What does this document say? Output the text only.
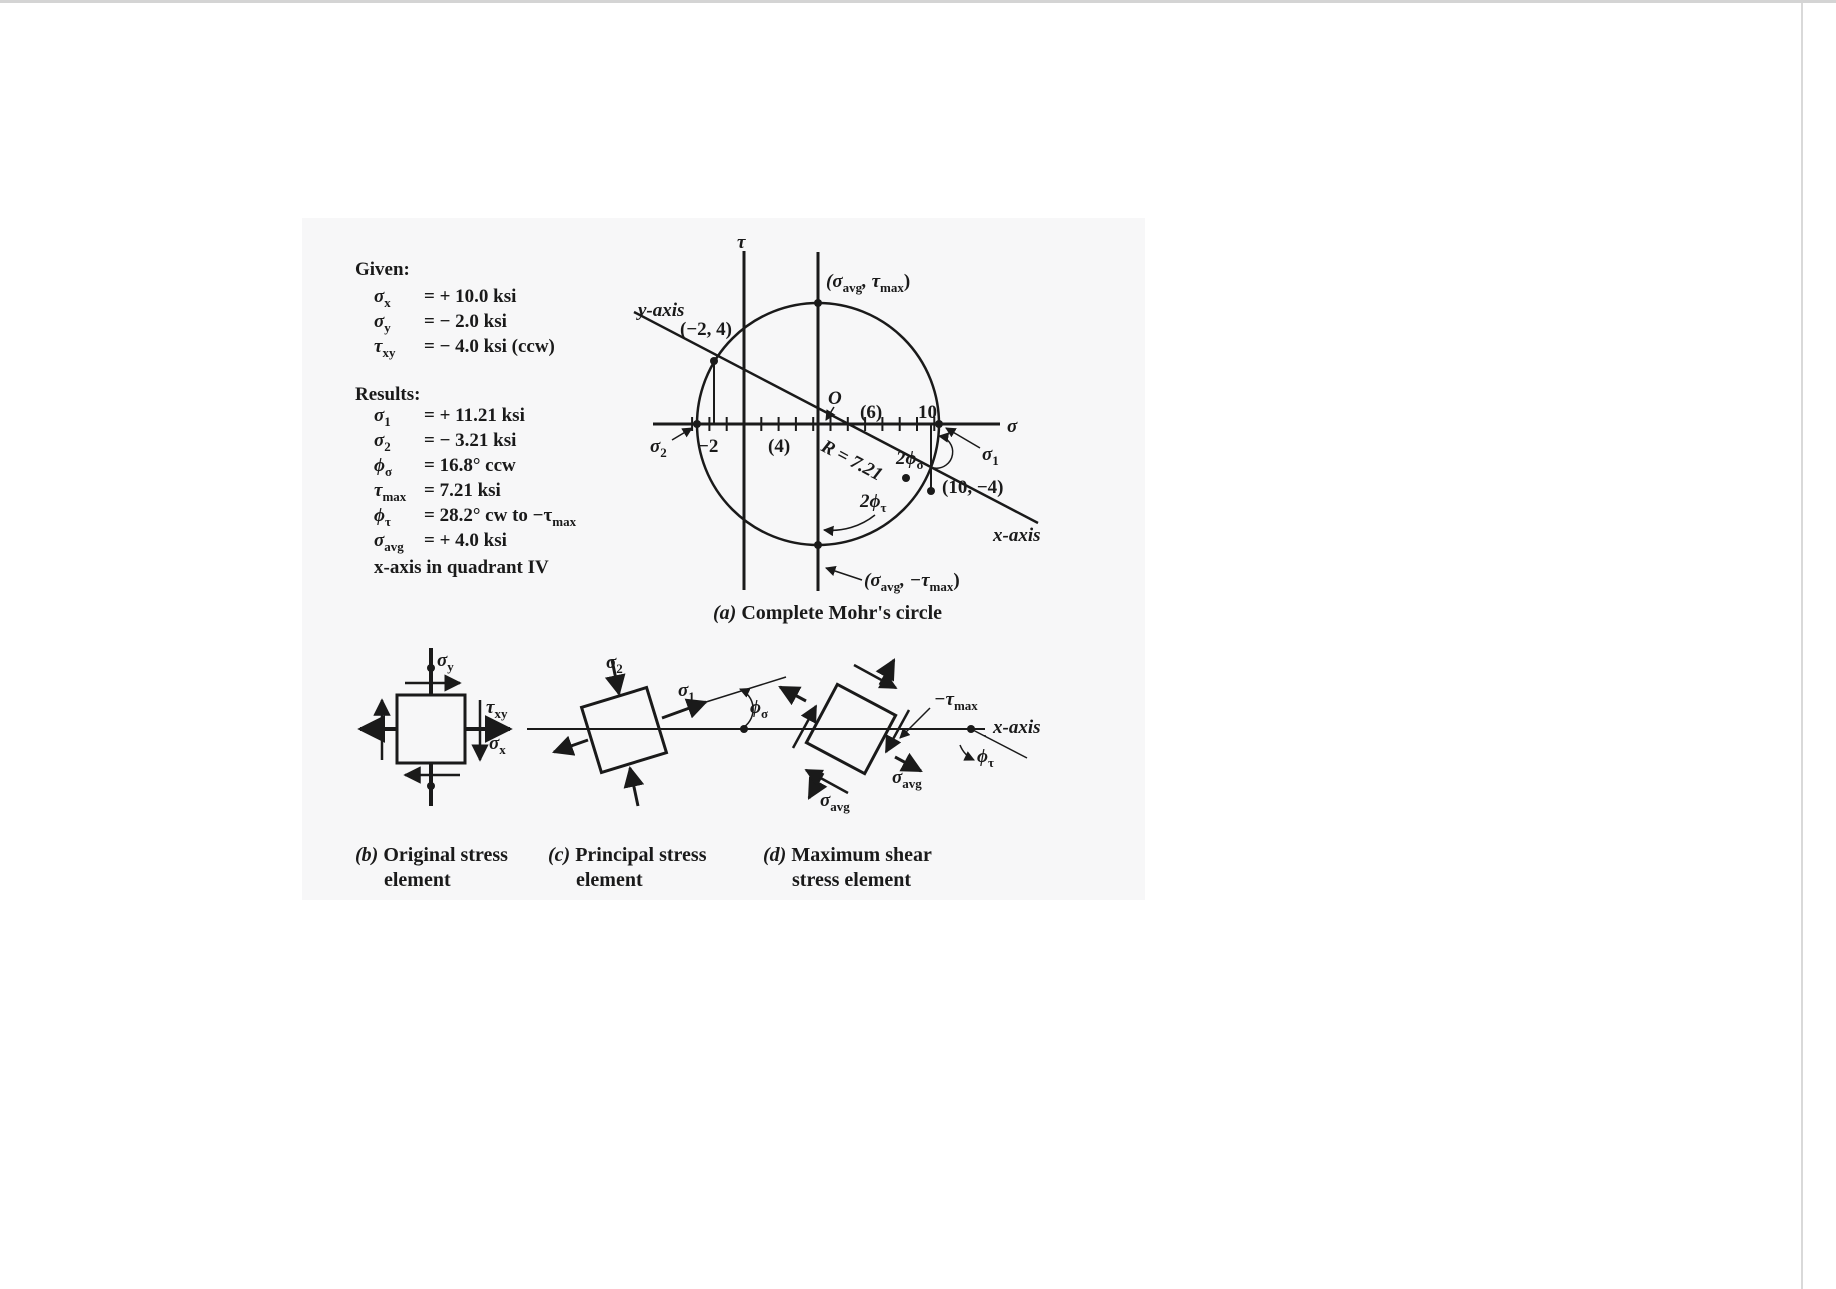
Given:
$\sigma_x$ = + 10.0 ksi
$\sigma_y$ = − 2.0 ksi
$\tau_{xy}$ = − 4.0 ksi (ccw)
Results:
$\sigma_1$ = + 11.21 ksi
$\sigma_2$ = − 3.21 ksi
$\phi_\sigma = 16.8^\circ$ ccw
$\tau_{max} = 7.21$ ksi
$\phi_\tau = 28.2^\circ$ cw to $-\tau_{max}$
$\sigma_{avg}$ = + 4.0 ksi
x-axis in quadrant IV
τ
σ
($\sigma_{avg}$, $\tau_{max}$)
($\sigma_{avg}$, $-\tau_{max}$)
y-axis
(−2, 4)
x-axis
(10, −4)
O
−2
10
(6)
(4) R = 7.21	$\sigma_1$
$\sigma_2$	$2\phi_\sigma$
$2\phi_\tau$
(a) Complete Mohr's circle
$\sigma_y$
$\tau_{xy}$
$\sigma_x$
$\sigma_2$
$\sigma_1$
$\phi_\sigma$
$-\tau_{max}$
x-axis
$\phi_\tau$
$\sigma_{avg}$
$\sigma_{avg}$
(b) Original stress
element
(c) Principal stress
element
(d) Maximum shear
stress element
